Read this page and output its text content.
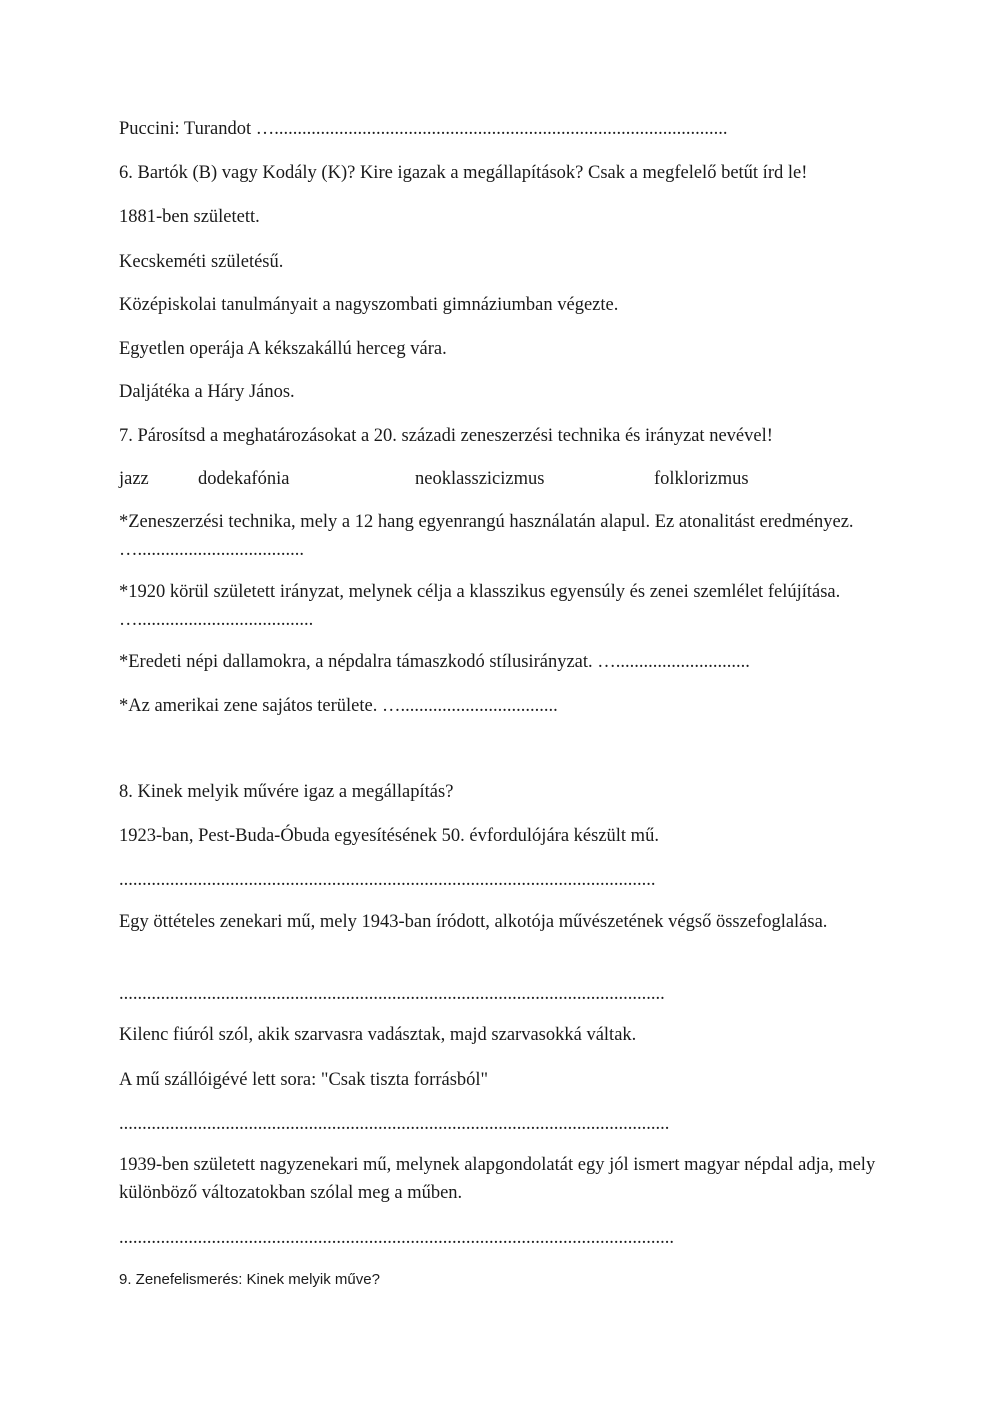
Puccini: Turandot …..................................................................................................
6. Bartók (B) vagy Kodály (K)? Kire igazak a megállapítások? Csak a megfelelő betűt írd le!
1881-ben született.
Kecskeméti születésű.
Középiskolai tanulmányait a nagyszombati gimnáziumban végezte.
Egyetlen operája A kékszakállú herceg vára.
Daljátéka a Háry János.
7. Párosítsd a meghatározásokat a 20. századi zeneszerzési technika és irányzat nevével!
jazz	dodekafónia	neoklasszicizmus	folklorizmus
*Zeneszerzési technika, mely a 12 hang egyenrangú használatán alapul. Ez atonalitást eredményez. …....................................
*1920 körül született irányzat, melynek célja a klasszikus egyensúly és zenei szemlélet felújítása. …......................................
*Eredeti népi dallamokra, a népdalra támaszkodó stílusirányzat. ….............................
*Az amerikai zene sajátos területe. …..................................
8. Kinek melyik művére igaz a megállapítás?
1923-ban, Pest-Buda-Óbuda egyesítésének 50. évfordulójára készült mű.
....................................................................................................................
Egy öttételes zenekari mű, mely 1943-ban íródott, alkotója művészetének végső összefoglalása.
......................................................................................................................
Kilenc fiúról szól, akik szarvasra vadásztak, majd szarvasokká váltak.
A mű szállóigévé lett sora: "Csak tiszta forrásból"
.......................................................................................................................
1939-ben született nagyzenekari mű, melynek alapgondolatát egy jól ismert magyar népdal adja, mely különböző változatokban szólal meg a műben.
........................................................................................................................
9. Zenefelismerés: Kinek melyik műve?
